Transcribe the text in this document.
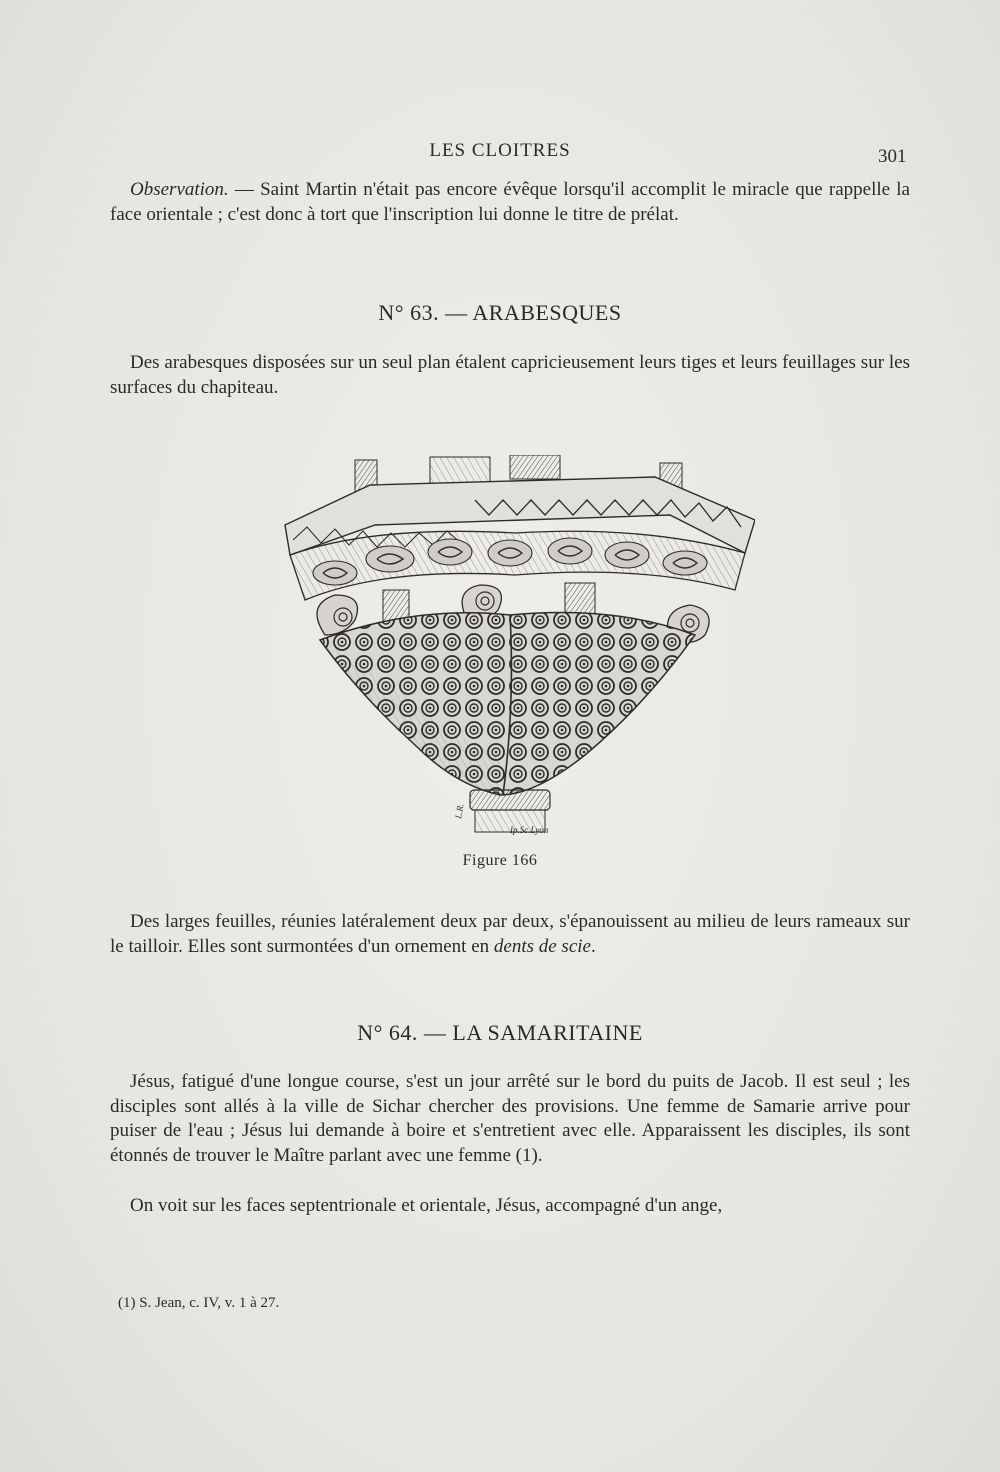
LES CLOITRES	301

Observation. — Saint Martin n'était pas encore évêque lorsqu'il accomplit le miracle que rappelle la face orientale ; c'est donc à tort que l'inscription lui donne le titre de prélat.

N° 63. — ARABESQUES

Des arabesques disposées sur un seul plan étalent capricieusement leurs tiges et leurs feuillages sur les surfaces du chapiteau.

L.R.
Ip.Sc.Lyon
Figure 166

Des larges feuilles, réunies latéralement deux par deux, s'épanouissent au milieu de leurs rameaux sur le tailloir. Elles sont surmontées d'un ornement en dents de scie.

N° 64. — LA SAMARITAINE

Jésus, fatigué d'une longue course, s'est un jour arrêté sur le bord du puits de Jacob. Il est seul ; les disciples sont allés à la ville de Sichar chercher des provisions. Une femme de Samarie arrive pour puiser de l'eau ; Jésus lui demande à boire et s'entretient avec elle. Apparaissent les disciples, ils sont étonnés de trouver le Maître parlant avec une femme (1).

On voit sur les faces septentrionale et orientale, Jésus, accompagné d'un ange,

(1) S. Jean, c. IV, v. 1 à 27.
